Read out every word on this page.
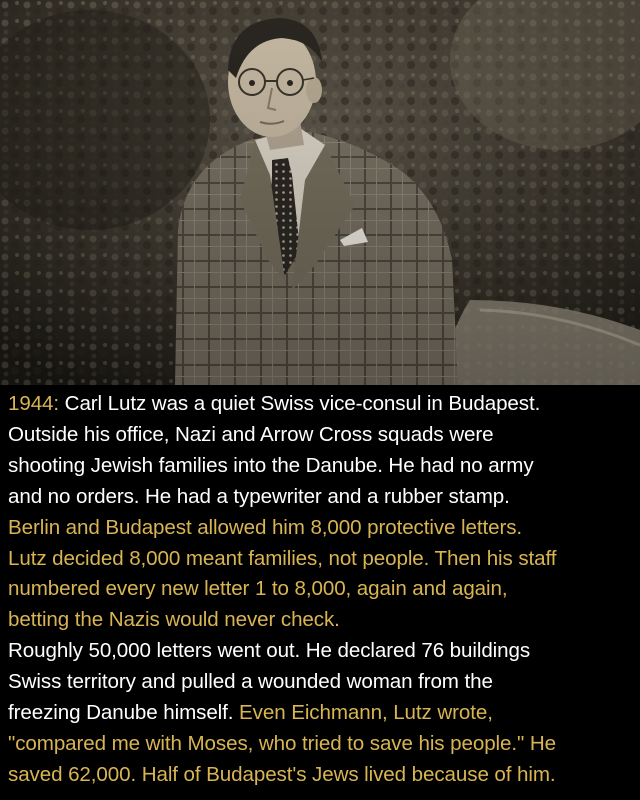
1944: Carl Lutz was a quiet Swiss vice-consul in Budapest.
Outside his office, Nazi and Arrow Cross squads were
shooting Jewish families into the Danube. He had no army
and no orders. He had a typewriter and a rubber stamp.
Berlin and Budapest allowed him 8,000 protective letters.
Lutz decided 8,000 meant families, not people. Then his staff
numbered every new letter 1 to 8,000, again and again,
betting the Nazis would never check.
Roughly 50,000 letters went out. He declared 76 buildings
Swiss territory and pulled a wounded woman from the
freezing Danube himself. Even Eichmann, Lutz wrote,
"compared me with Moses, who tried to save his people." He
saved 62,000. Half of Budapest's Jews lived because of him.
